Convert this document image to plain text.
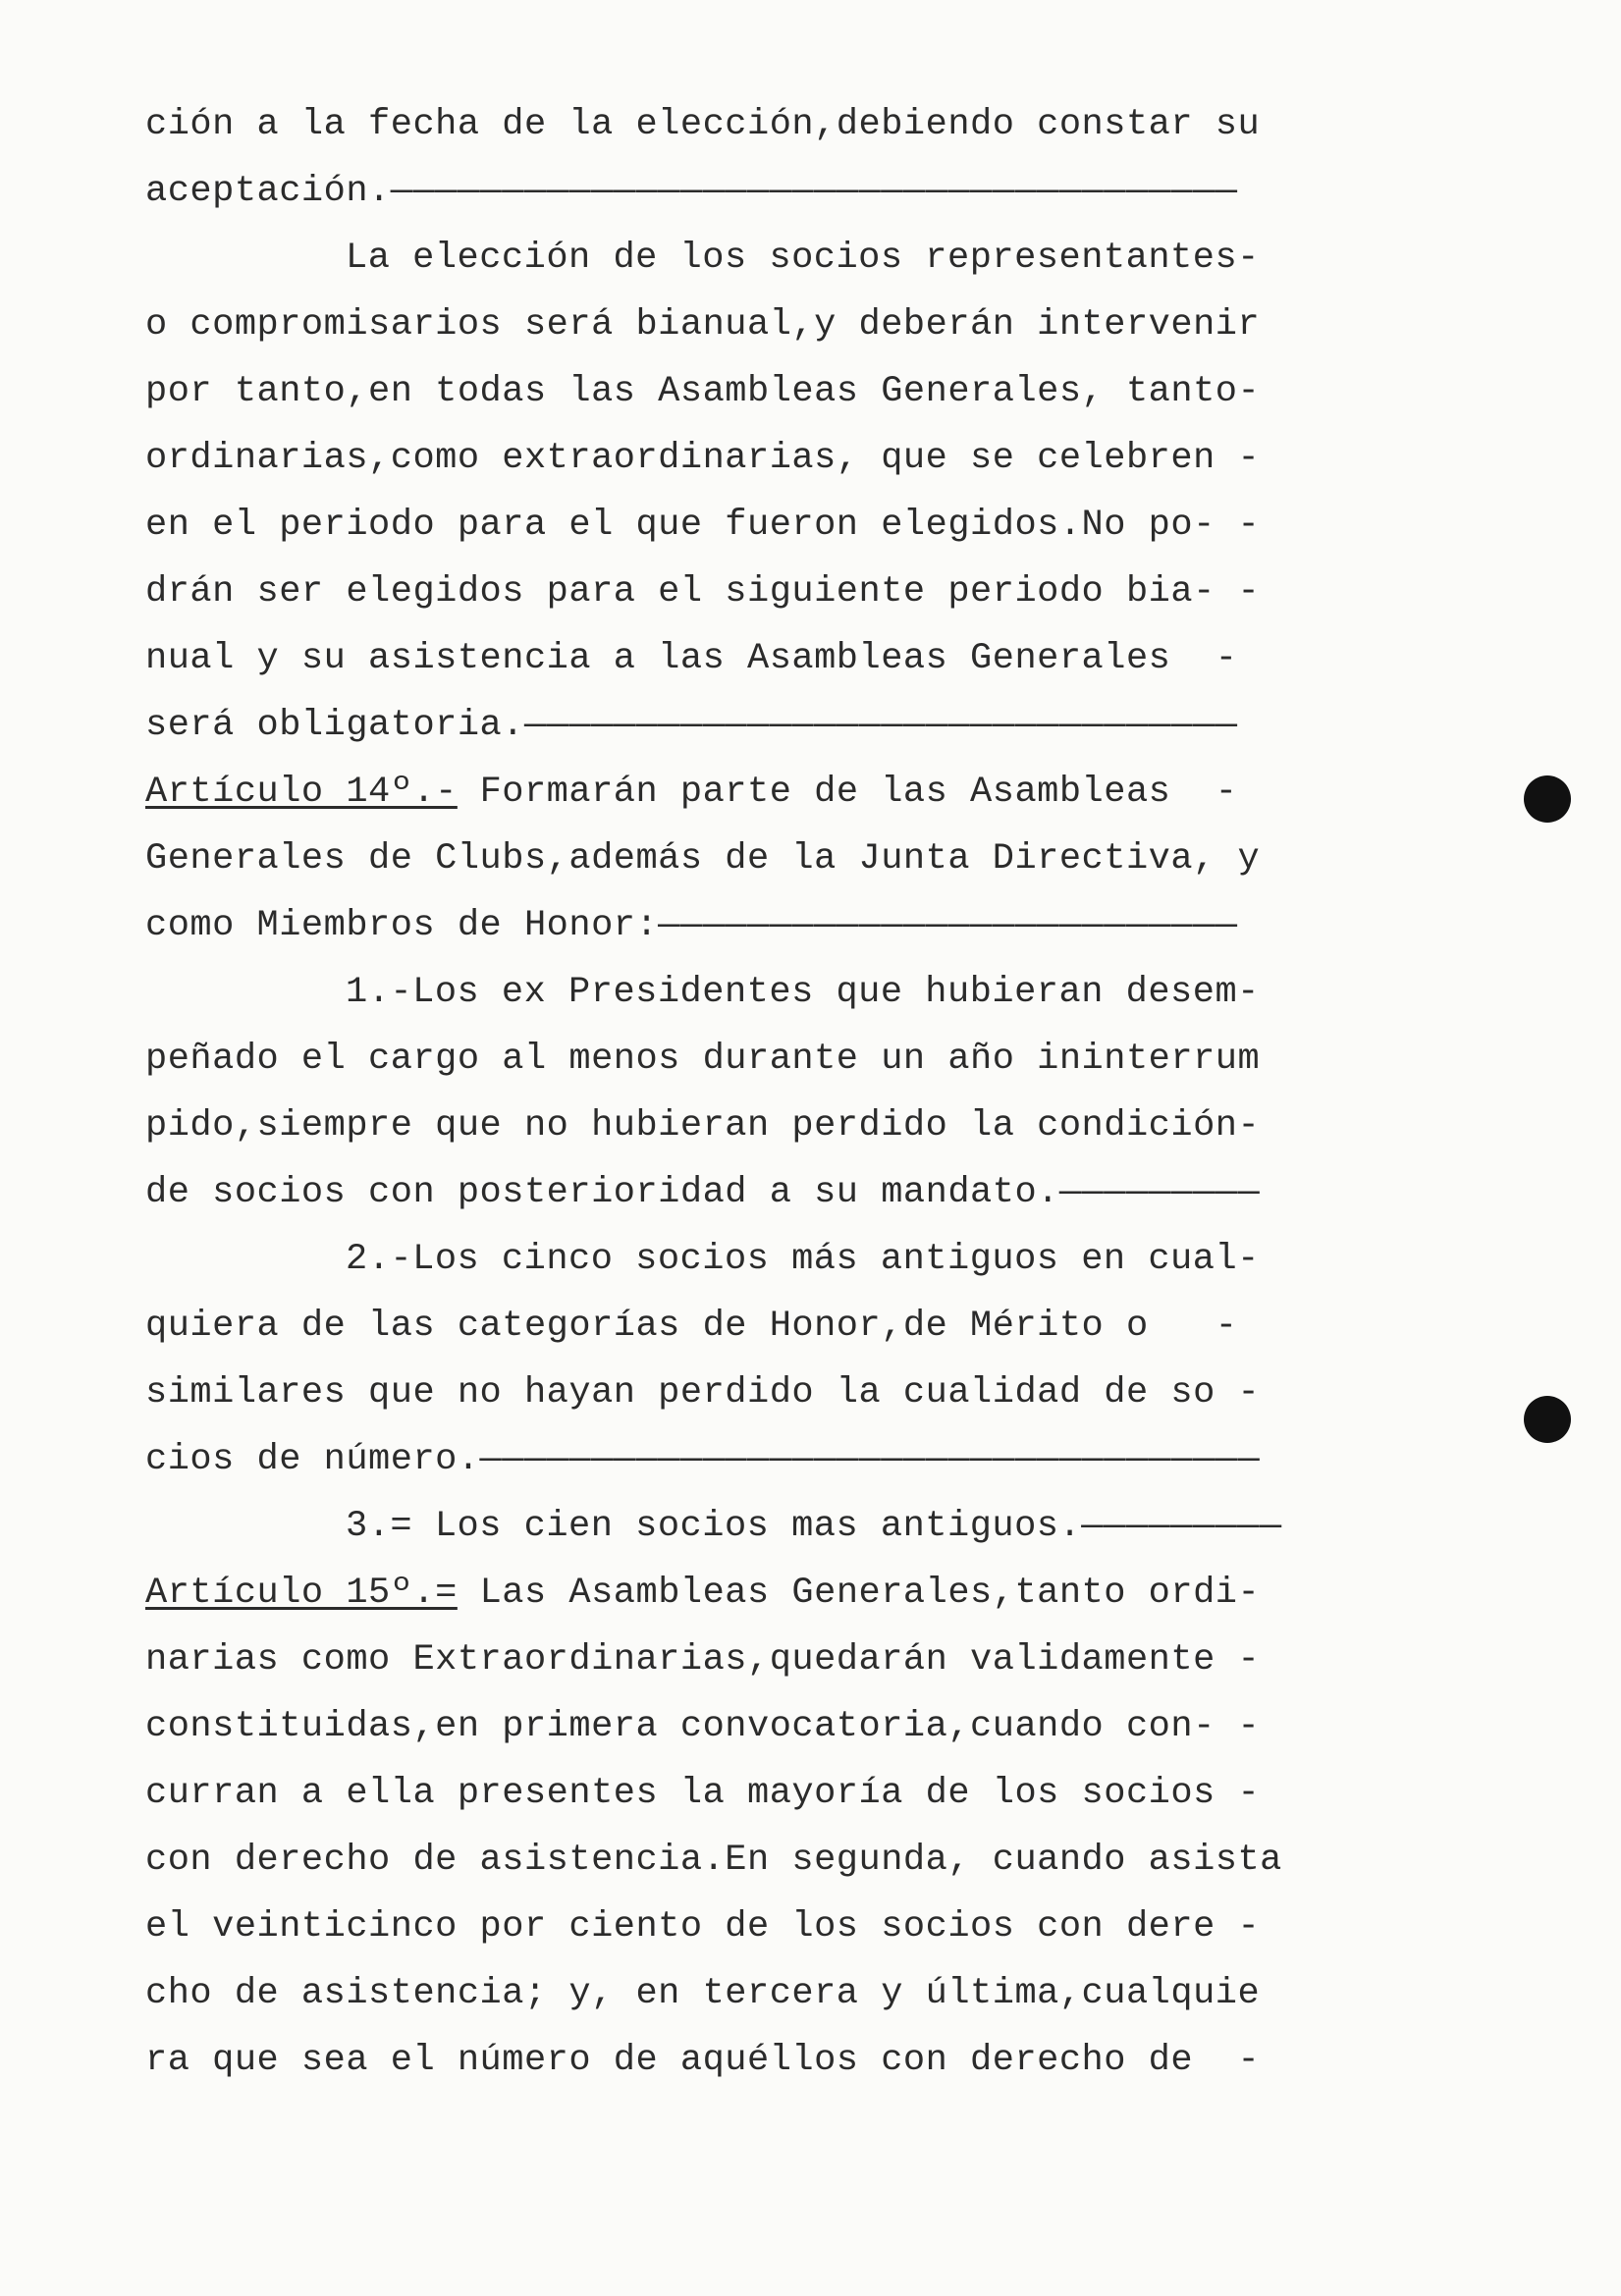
ción a la fecha de la elección,debiendo constar su
aceptación.――――――――――――――――――――――――――――――――――――――
La elección de los socios representantes-
o compromisarios será bianual,y deberán intervenir
por tanto,en todas las Asambleas Generales, tanto-
ordinarias,como extraordinarias, que se celebren -
en el periodo para el que fueron elegidos.No po- -
drán ser elegidos para el siguiente periodo bia- -
nual y su asistencia a las Asambleas Generales  -
será obligatoria.――――――――――――――――――――――――――――――――
Artículo 14º.- Formarán parte de las Asambleas  -
Generales de Clubs,además de la Junta Directiva, y
como Miembros de Honor:――――――――――――――――――――――――――
1.-Los ex Presidentes que hubieran desem-
peñado el cargo al menos durante un año ininterrum
pido,siempre que no hubieran perdido la condición-
de socios con posterioridad a su mandato.―――――――――
2.-Los cinco socios más antiguos en cual-
quiera de las categorías de Honor,de Mérito o   -
similares que no hayan perdido la cualidad de so -
cios de número.―――――――――――――――――――――――――――――――――――
3.= Los cien socios mas antiguos.―――――――――
Artículo 15º.= Las Asambleas Generales,tanto ordi-
narias como Extraordinarias,quedarán validamente -
constituidas,en primera convocatoria,cuando con- -
curran a ella presentes la mayoría de los socios -
con derecho de asistencia.En segunda, cuando asista
el veinticinco por ciento de los socios con dere -
cho de asistencia; y, en tercera y última,cualquie
ra que sea el número de aquéllos con derecho de  -
